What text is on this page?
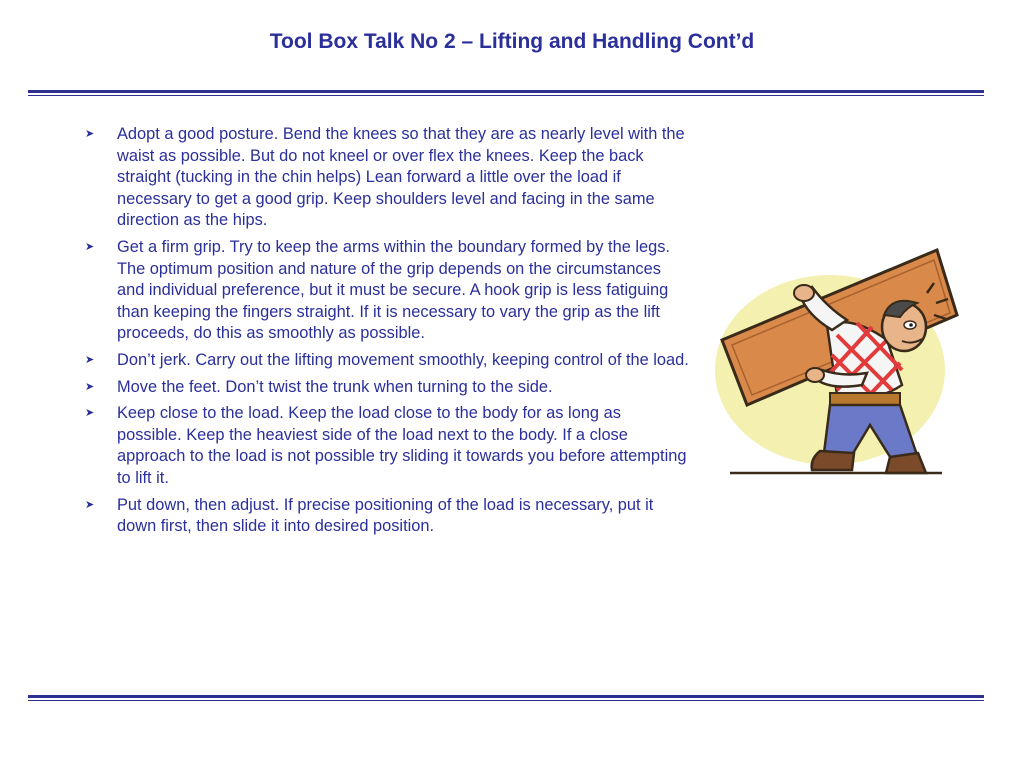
Tool Box Talk No 2 – Lifting and Handling Cont’d
➤ Adopt a good posture. Bend the knees so that they are as nearly level with the waist as possible. But do not kneel or over flex the knees. Keep the back straight (tucking in the chin helps) Lean forward a little over the load if necessary to get a good grip. Keep shoulders level and facing in the same direction as the hips.
➤ Get a firm grip. Try to keep the arms within the boundary formed by the legs. The optimum position and nature of the grip depends on the circumstances and individual preference, but it must be secure. A hook grip is less fatiguing than keeping the fingers straight. If it is necessary to vary the grip as the lift proceeds, do this as smoothly as possible.
➤ Don’t jerk. Carry out the lifting movement smoothly, keeping control of the load.
➤ Move the feet. Don’t twist the trunk when turning to the side.
➤ Keep close to the load. Keep the load close to the body for as long as possible. Keep the heaviest side of the load next to the body. If a close approach to the load is not possible try sliding it towards you before attempting to lift it.
➤ Put down, then adjust. If precise positioning of the load is necessary, put it down first, then slide it into desired position.
